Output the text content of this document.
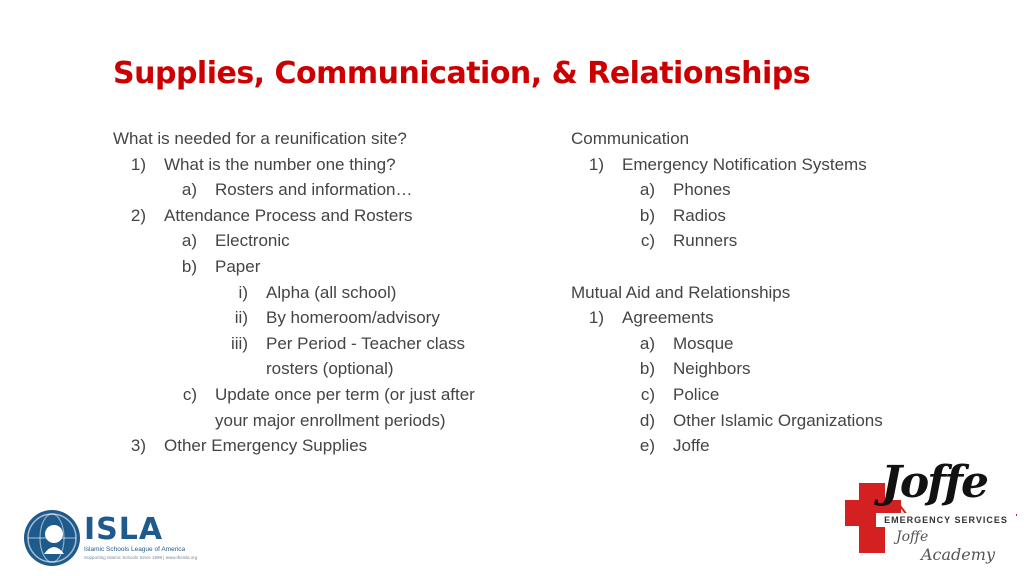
Supplies, Communication, & Relationships
What is needed for a reunification site?
1) What is the number one thing?
a) Rosters and information…
2) Attendance Process and Rosters
a) Electronic
b) Paper
i) Alpha (all school)
ii) By homeroom/advisory
iii) Per Period - Teacher class
rosters (optional)
c) Update once per term (or just after
your major enrollment periods)
3) Other Emergency Supplies
Communication
1) Emergency Notification Systems
a) Phones
b) Radios
c) Runners
Mutual Aid and Relationships
1) Agreements
a) Mosque
b) Neighbors
c) Police
d) Other Islamic Organizations
e) Joffe
ISLA
Islamic Schools League of America
Supporting Islamic Schools Since 1998 | www.theisla.org
Joffe
EMERGENCY SERVICES
Joffe
Academy
